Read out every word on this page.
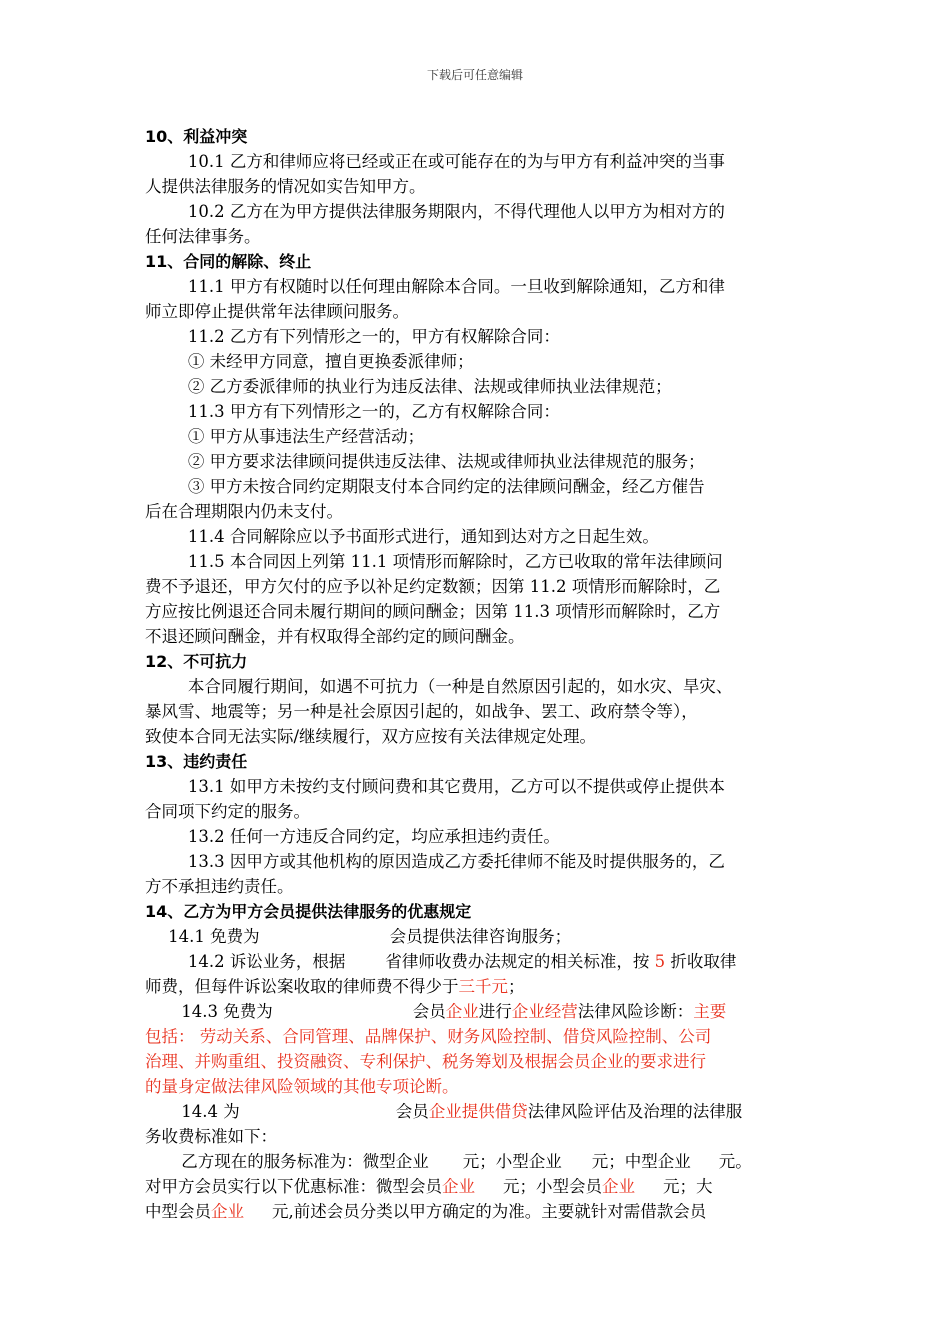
下载后可任意编辑

10、利益冲突

10.1 乙方和律师应将已经或正在或可能存在的为与甲方有利益冲突的当事

人提供法律服务的情况如实告知甲方。

10.2 乙方在为甲方提供法律服务期限内，不得代理他人以甲方为相对方的

任何法律事务。

11、合同的解除、终止

11.1 甲方有权随时以任何理由解除本合同。一旦收到解除通知，乙方和律

师立即停止提供常年法律顾问服务。

11.2 乙方有下列情形之一的，甲方有权解除合同：

① 未经甲方同意，擅自更换委派律师；

② 乙方委派律师的执业行为违反法律、法规或律师执业法律规范；

11.3 甲方有下列情形之一的，乙方有权解除合同：

① 甲方从事违法生产经营活动；

② 甲方要求法律顾问提供违反法律、法规或律师执业法律规范的服务；

③ 甲方未按合同约定期限支付本合同约定的法律顾问酬金，经乙方催告

后在合理期限内仍未支付。

11.4 合同解除应以予书面形式进行，通知到达对方之日起生效。

11.5 本合同因上列第 11.1 项情形而解除时，乙方已收取的常年法律顾问

费不予退还，甲方欠付的应予以补足约定数额；因第 11.2 项情形而解除时，乙

方应按比例退还合同未履行期间的顾问酬金；因第 11.3 项情形而解除时，乙方

不退还顾问酬金，并有权取得全部约定的顾问酬金。

12、不可抗力

本合同履行期间，如遇不可抗力（一种是自然原因引起的，如水灾、旱灾、

暴风雪、地震等；另一种是社会原因引起的，如战争、罢工、政府禁令等），

致使本合同无法实际/继续履行，双方应按有关法律规定处理。

13、违约责任

13.1 如甲方未按约支付顾问费和其它费用，乙方可以不提供或停止提供本

合同项下约定的服务。

13.2 任何一方违反合同约定，均应承担违约责任。

13.3 因甲方或其他机构的原因造成乙方委托律师不能及时提供服务的，乙

方不承担违约责任。

14、乙方为甲方会员提供法律服务的优惠规定

14.1 免费为	会员提供法律咨询服务；

14.2 诉讼业务，根据 省律师收费办法规定的相关标准，按 5 折收取律

师费，但每件诉讼案收取的律师费不得少于三千元；

14.3 免费为	会员企业进行企业经营法律风险诊断：主要

包括： 劳动关系、合同管理、品牌保护、财务风险控制、借贷风险控制、公司

治理、并购重组、投资融资、专利保护、税务筹划及根据会员企业的要求进行

的量身定做法律风险领域的其他专项论断。

14.4 为	会员企业提供借贷法律风险评估及治理的法律服

务收费标准如下：

乙方现在的服务标准为：微型企业 元；小型企业 元；中型企业 元。

对甲方会员实行以下优惠标准：微型会员企业 元；小型会员企业 元；大

中型会员企业 元,前述会员分类以甲方确定的为准。主要就针对需借款会员
